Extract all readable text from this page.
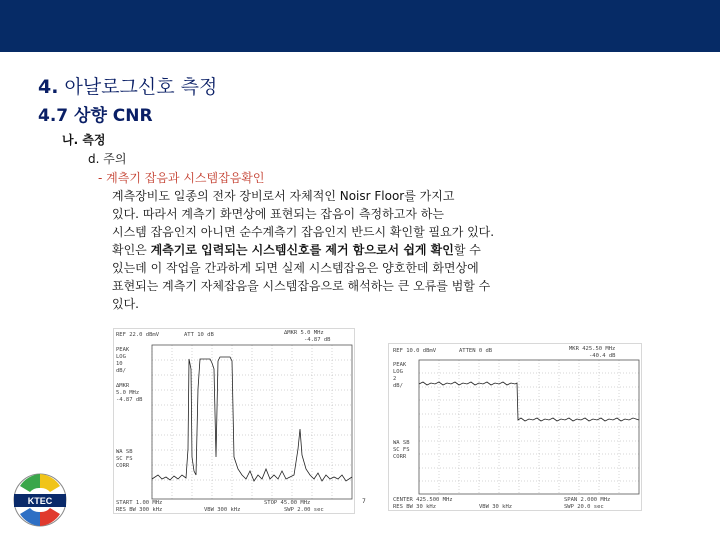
4. 아날로그신호 측정
4.7 상향 CNR
나. 측정
d. 주의
- 계측기 잡음과 시스템잡음확인
계측장비도 일종의 전자 장비로서 자체적인 Noisr Floor를 가지고
있다. 따라서 계측기 화면상에 표현되는 잡음이 측정하고자 하는
시스템 잡음인지 아니면 순수계측기 잡음인지 반드시 확인할 필요가 있다.
확인은 계측기로 입력되는 시스템신호를 제거 함으로서 쉽게 확인할 수
있는데 이 작업을 간과하게 되면 실제 시스템잡음은 양호한데 화면상에
표현되는 계측기 자체잡음을 시스템잡음으로 해석하는 큰 오류를 범할 수
있다.
REF 22.0 dBmV	ATT 10 dB	∆MKR 5.0 MHz
-4.87 dB
PEAK
LOG
10
dB/
∆MKR
5.0 MHz
-4.87 dB
WA SB
SC FS
CORR
START 1.00 MHz	STOP 45.00 MHz
RES BW 300 kHz	VBW 300 kHz	SWP 2.00 sec
REF 10.0 dBmV	ATTEN 0 dB	MKR 425.50 MHz
-40.4 dB
PEAK
LOG
2
dB/
WA SB
SC FS
CORR
CENTER 425.500 MHz	SPAN 2.000 MHz
RES BW 30 kHz	VBW 30 kHz	SWP 20.0 sec
7
KTEC
